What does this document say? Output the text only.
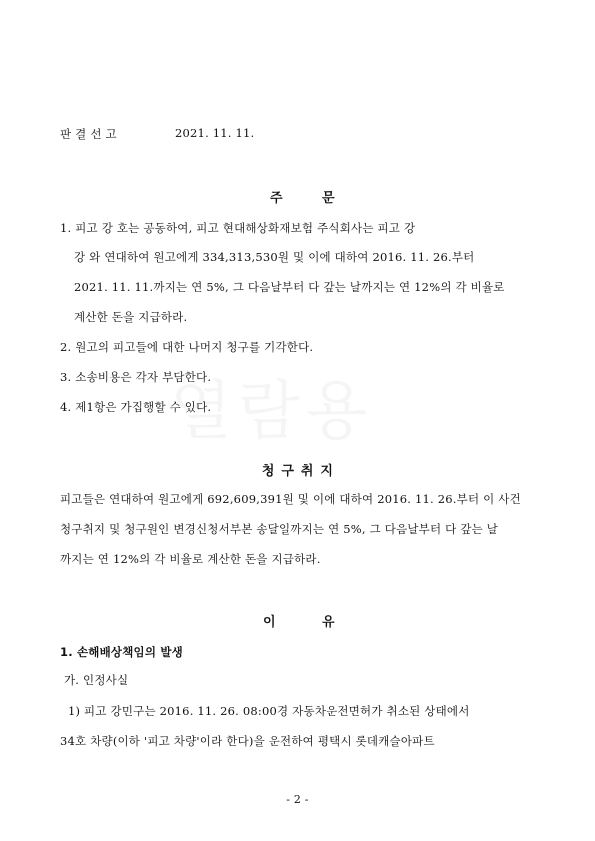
판 결 선 고	2021. 11. 11.
주	문
1. 피고 강 호는 공동하여, 피고 현대해상화재보험 주식회사는 피고 강
강 와 연대하여 원고에게 334,313,530원 및 이에 대하여 2016. 11. 26.부터
2021. 11. 11.까지는 연 5%, 그 다음날부터 다 갚는 날까지는 연 12%의 각 비율로
계산한 돈을 지급하라.
2. 원고의 피고들에 대한 나머지 청구를 기각한다.
3. 소송비용은 각자 부담한다.
4. 제1항은 가집행할 수 있다.
청 구 취 지
피고들은 연대하여 원고에게 692,609,391원 및 이에 대하여 2016. 11. 26.부터 이 사건
청구취지 및 청구원인 변경신청서부본 송달일까지는 연 5%, 그 다음날부터 다 갚는 날
까지는 연 12%의 각 비율로 계산한 돈을 지급하라.
이	유
1. 손해배상책임의 발생
가. 인정사실
1) 피고 강민구는 2016. 11. 26. 08:00경 자동차운전면허가 취소된 상태에서
34호 차량(이하 '피고 차량'이라 한다)을 운전하여 평택시 롯데캐슬아파트
- 2 -
